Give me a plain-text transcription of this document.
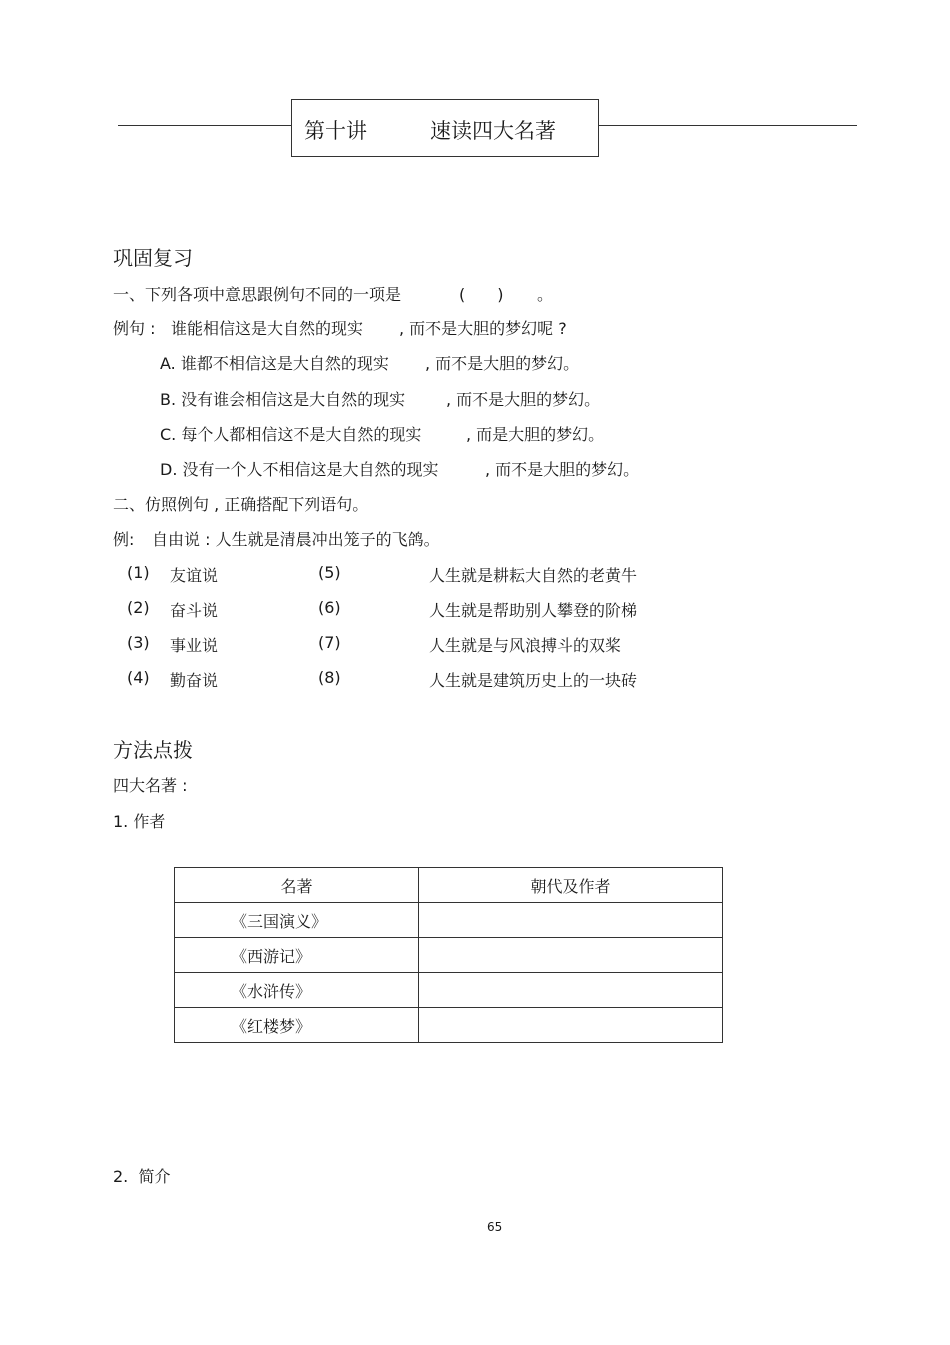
第十讲	速读四大名著
巩固复习
一、下列各项中意思跟例句不同的一项是	(　　) 。
例句 : 谁能相信这是大自然的现实 , 而不是大胆的梦幻呢 ?
A. 谁都不相信这是大自然的现实 , 而不是大胆的梦幻。
B. 没有谁会相信这是大自然的现实	, 而不是大胆的梦幻。
C. 每个人都相信这不是大自然的现实	, 而是大胆的梦幻。
D. 没有一个人不相信这是大自然的现实	, 而不是大胆的梦幻。
二、仿照例句 , 正确搭配下列语句。
例: 自由说 : 人生就是清晨冲出笼子的飞鸽。
(1) 友谊说	(5)	人生就是耕耘大自然的老黄牛
(2) 奋斗说	(6)	人生就是帮助别人攀登的阶梯
(3) 事业说	(7)	人生就是与风浪搏斗的双桨
(4) 勤奋说	(8)	人生就是建筑历史上的一块砖
方法点拨
四大名著 :
1. 作者
名著	朝代及作者
《三国演义》	
《西游记》	
《水浒传》	
《红楼梦》	
2.  简介
65
